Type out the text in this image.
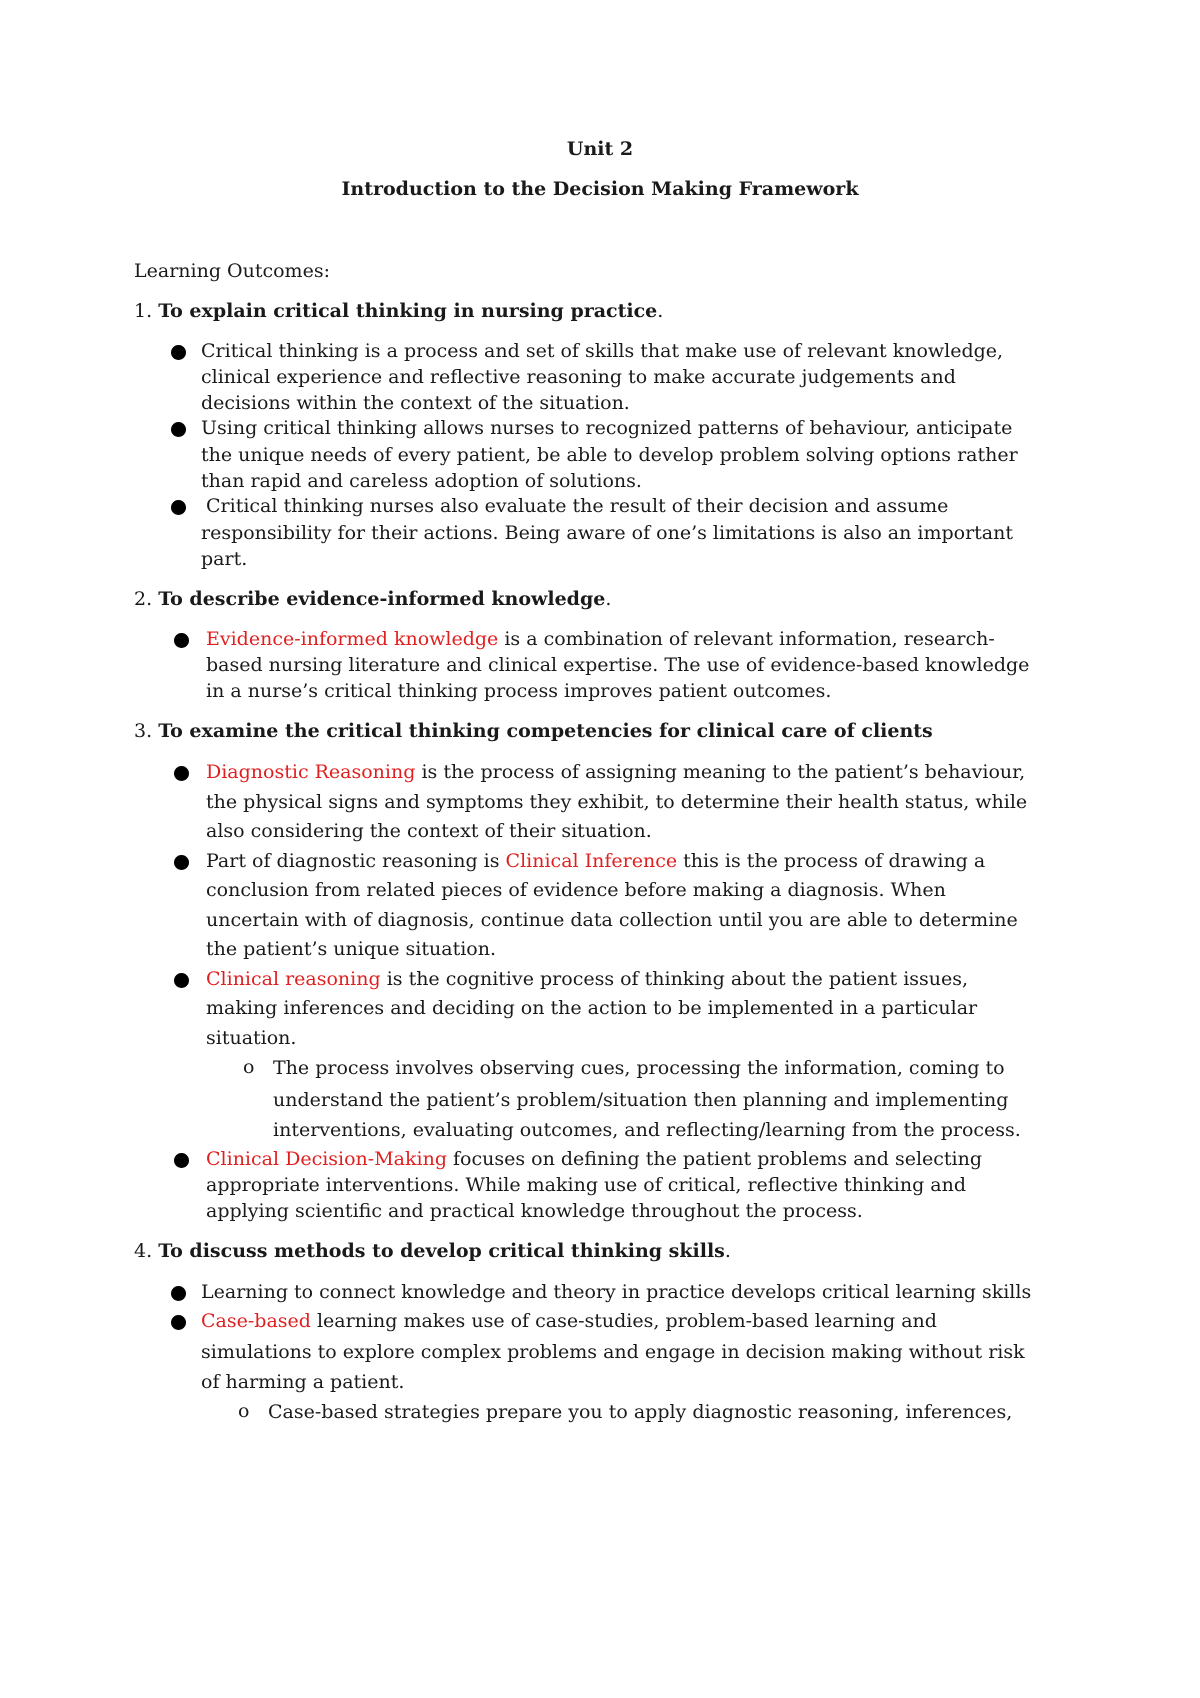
Unit 2
Introduction to the Decision Making Framework
Learning Outcomes:
1. To explain critical thinking in nursing practice.
Critical thinking is a process and set of skills that make use of relevant knowledge,
clinical experience and reflective reasoning to make accurate judgements and
decisions within the context of the situation.
Using critical thinking allows nurses to recognized patterns of behaviour, anticipate
the unique needs of every patient, be able to develop problem solving options rather
than rapid and careless adoption of solutions.
Critical thinking nurses also evaluate the result of their decision and assume
responsibility for their actions. Being aware of one’s limitations is also an important
part.
2. To describe evidence-informed knowledge.
Evidence-informed knowledge is a combination of relevant information, research-
based nursing literature and clinical expertise. The use of evidence-based knowledge
in a nurse’s critical thinking process improves patient outcomes.
3. To examine the critical thinking competencies for clinical care of clients
Diagnostic Reasoning is the process of assigning meaning to the patient’s behaviour,
the physical signs and symptoms they exhibit, to determine their health status, while
also considering the context of their situation.
Part of diagnostic reasoning is Clinical Inference this is the process of drawing a
conclusion from related pieces of evidence before making a diagnosis. When
uncertain with of diagnosis, continue data collection until you are able to determine
the patient’s unique situation.
Clinical reasoning is the cognitive process of thinking about the patient issues,
making inferences and deciding on the action to be implemented in a particular
situation.
o The process involves observing cues, processing the information, coming to
understand the patient’s problem/situation then planning and implementing
interventions, evaluating outcomes, and reflecting/learning from the process.
Clinical Decision-Making focuses on defining the patient problems and selecting
appropriate interventions. While making use of critical, reflective thinking and
applying scientific and practical knowledge throughout the process.
4. To discuss methods to develop critical thinking skills.
Learning to connect knowledge and theory in practice develops critical learning skills
Case-based learning makes use of case-studies, problem-based learning and
simulations to explore complex problems and engage in decision making without risk
of harming a patient.
o Case-based strategies prepare you to apply diagnostic reasoning, inferences,
